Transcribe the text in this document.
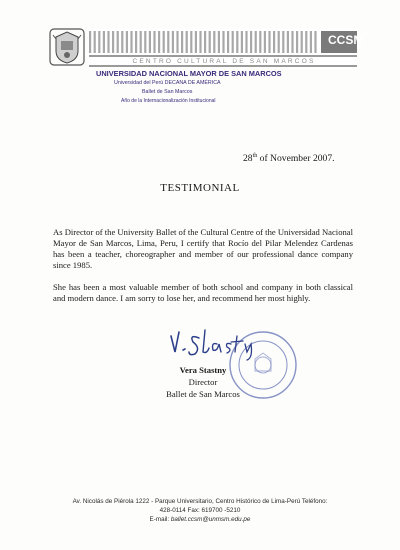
CCSM
CENTRO CULTURAL DE SAN MARCOS
UNIVERSIDAD NACIONAL MAYOR DE SAN MARCOS
Universidad del Perú DECANA DE AMÉRICA
Ballet de San Marcos
Año de la Internacionalización Institucional
28th of November 2007.
TESTIMONIAL

As Director of the University Ballet of the Cultural Centre of the Universidad Nacional Mayor de San Marcos, Lima, Peru, I certify that Rocío del Pilar Melendez Cardenas has been a teacher, choreographer and member of our professional dance company since 1985.

She has been a most valuable member of both school and company in both classical and modern dance. I am sorry to lose her, and recommend her most highly.

Vera Stastny
Director
Ballet de San Marcos
Av. Nicolás de Piérola 1222 - Parque Universitario, Centro Histórico de Lima-Perú Teléfono:
428-0114 Fax: 619700 -5210
E-mail: ballet.ccsm@unmsm.edu.pe
